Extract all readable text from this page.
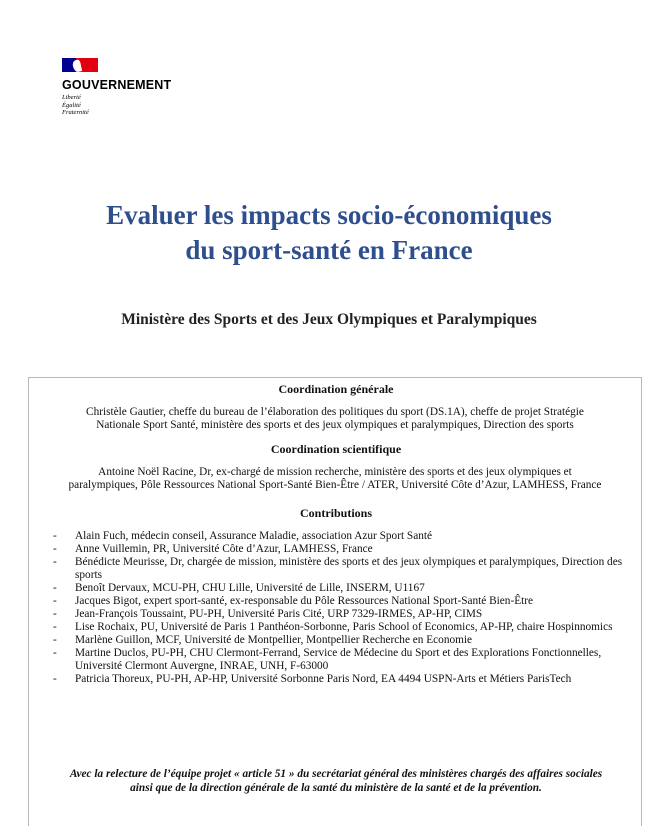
GOUVERNEMENT
Liberté
Égalité
Fraternité
Evaluer les impacts socio-économiques
du sport-santé en France
Ministère des Sports et des Jeux Olympiques et Paralympiques
Coordination générale
Christèle Gautier, cheffe du bureau de l’élaboration des politiques du sport (DS.1A), cheffe de projet Stratégie
Nationale Sport Santé, ministère des sports et des jeux olympiques et paralympiques, Direction des sports
Coordination scientifique
Antoine Noël Racine, Dr, ex-chargé de mission recherche, ministère des sports et des jeux olympiques et
paralympiques, Pôle Ressources National Sport-Santé Bien-Être / ATER, Université Côte d’Azur, LAMHESS, France
Contributions
- Alain Fuch, médecin conseil, Assurance Maladie, association Azur Sport Santé
- Anne Vuillemin, PR, Université Côte d’Azur, LAMHESS, France
- Bénédicte Meurisse, Dr, chargée de mission, ministère des sports et des jeux olympiques et paralympiques, Direction des sports
- Benoît Dervaux, MCU-PH, CHU Lille, Université de Lille, INSERM, U1167
- Jacques Bigot, expert sport-santé, ex-responsable du Pôle Ressources National Sport-Santé Bien-Être
- Jean-François Toussaint, PU-PH, Université Paris Cité, URP 7329-IRMES, AP-HP, CIMS
- Lise Rochaix, PU, Université de Paris 1 Panthéon-Sorbonne, Paris School of Economics, AP-HP, chaire Hospinnomics
- Marlène Guillon, MCF, Université de Montpellier, Montpellier Recherche en Economie
- Martine Duclos, PU-PH, CHU Clermont-Ferrand, Service de Médecine du Sport et des Explorations Fonctionnelles, Université Clermont Auvergne, INRAE, UNH, F-63000
- Patricia Thoreux, PU-PH, AP-HP, Université Sorbonne Paris Nord, EA 4494 USPN-Arts et Métiers ParisTech
Avec la relecture de l’équipe projet « article 51 » du secrétariat général des ministères chargés des affaires sociales
ainsi que de la direction générale de la santé du ministère de la santé et de la prévention.
